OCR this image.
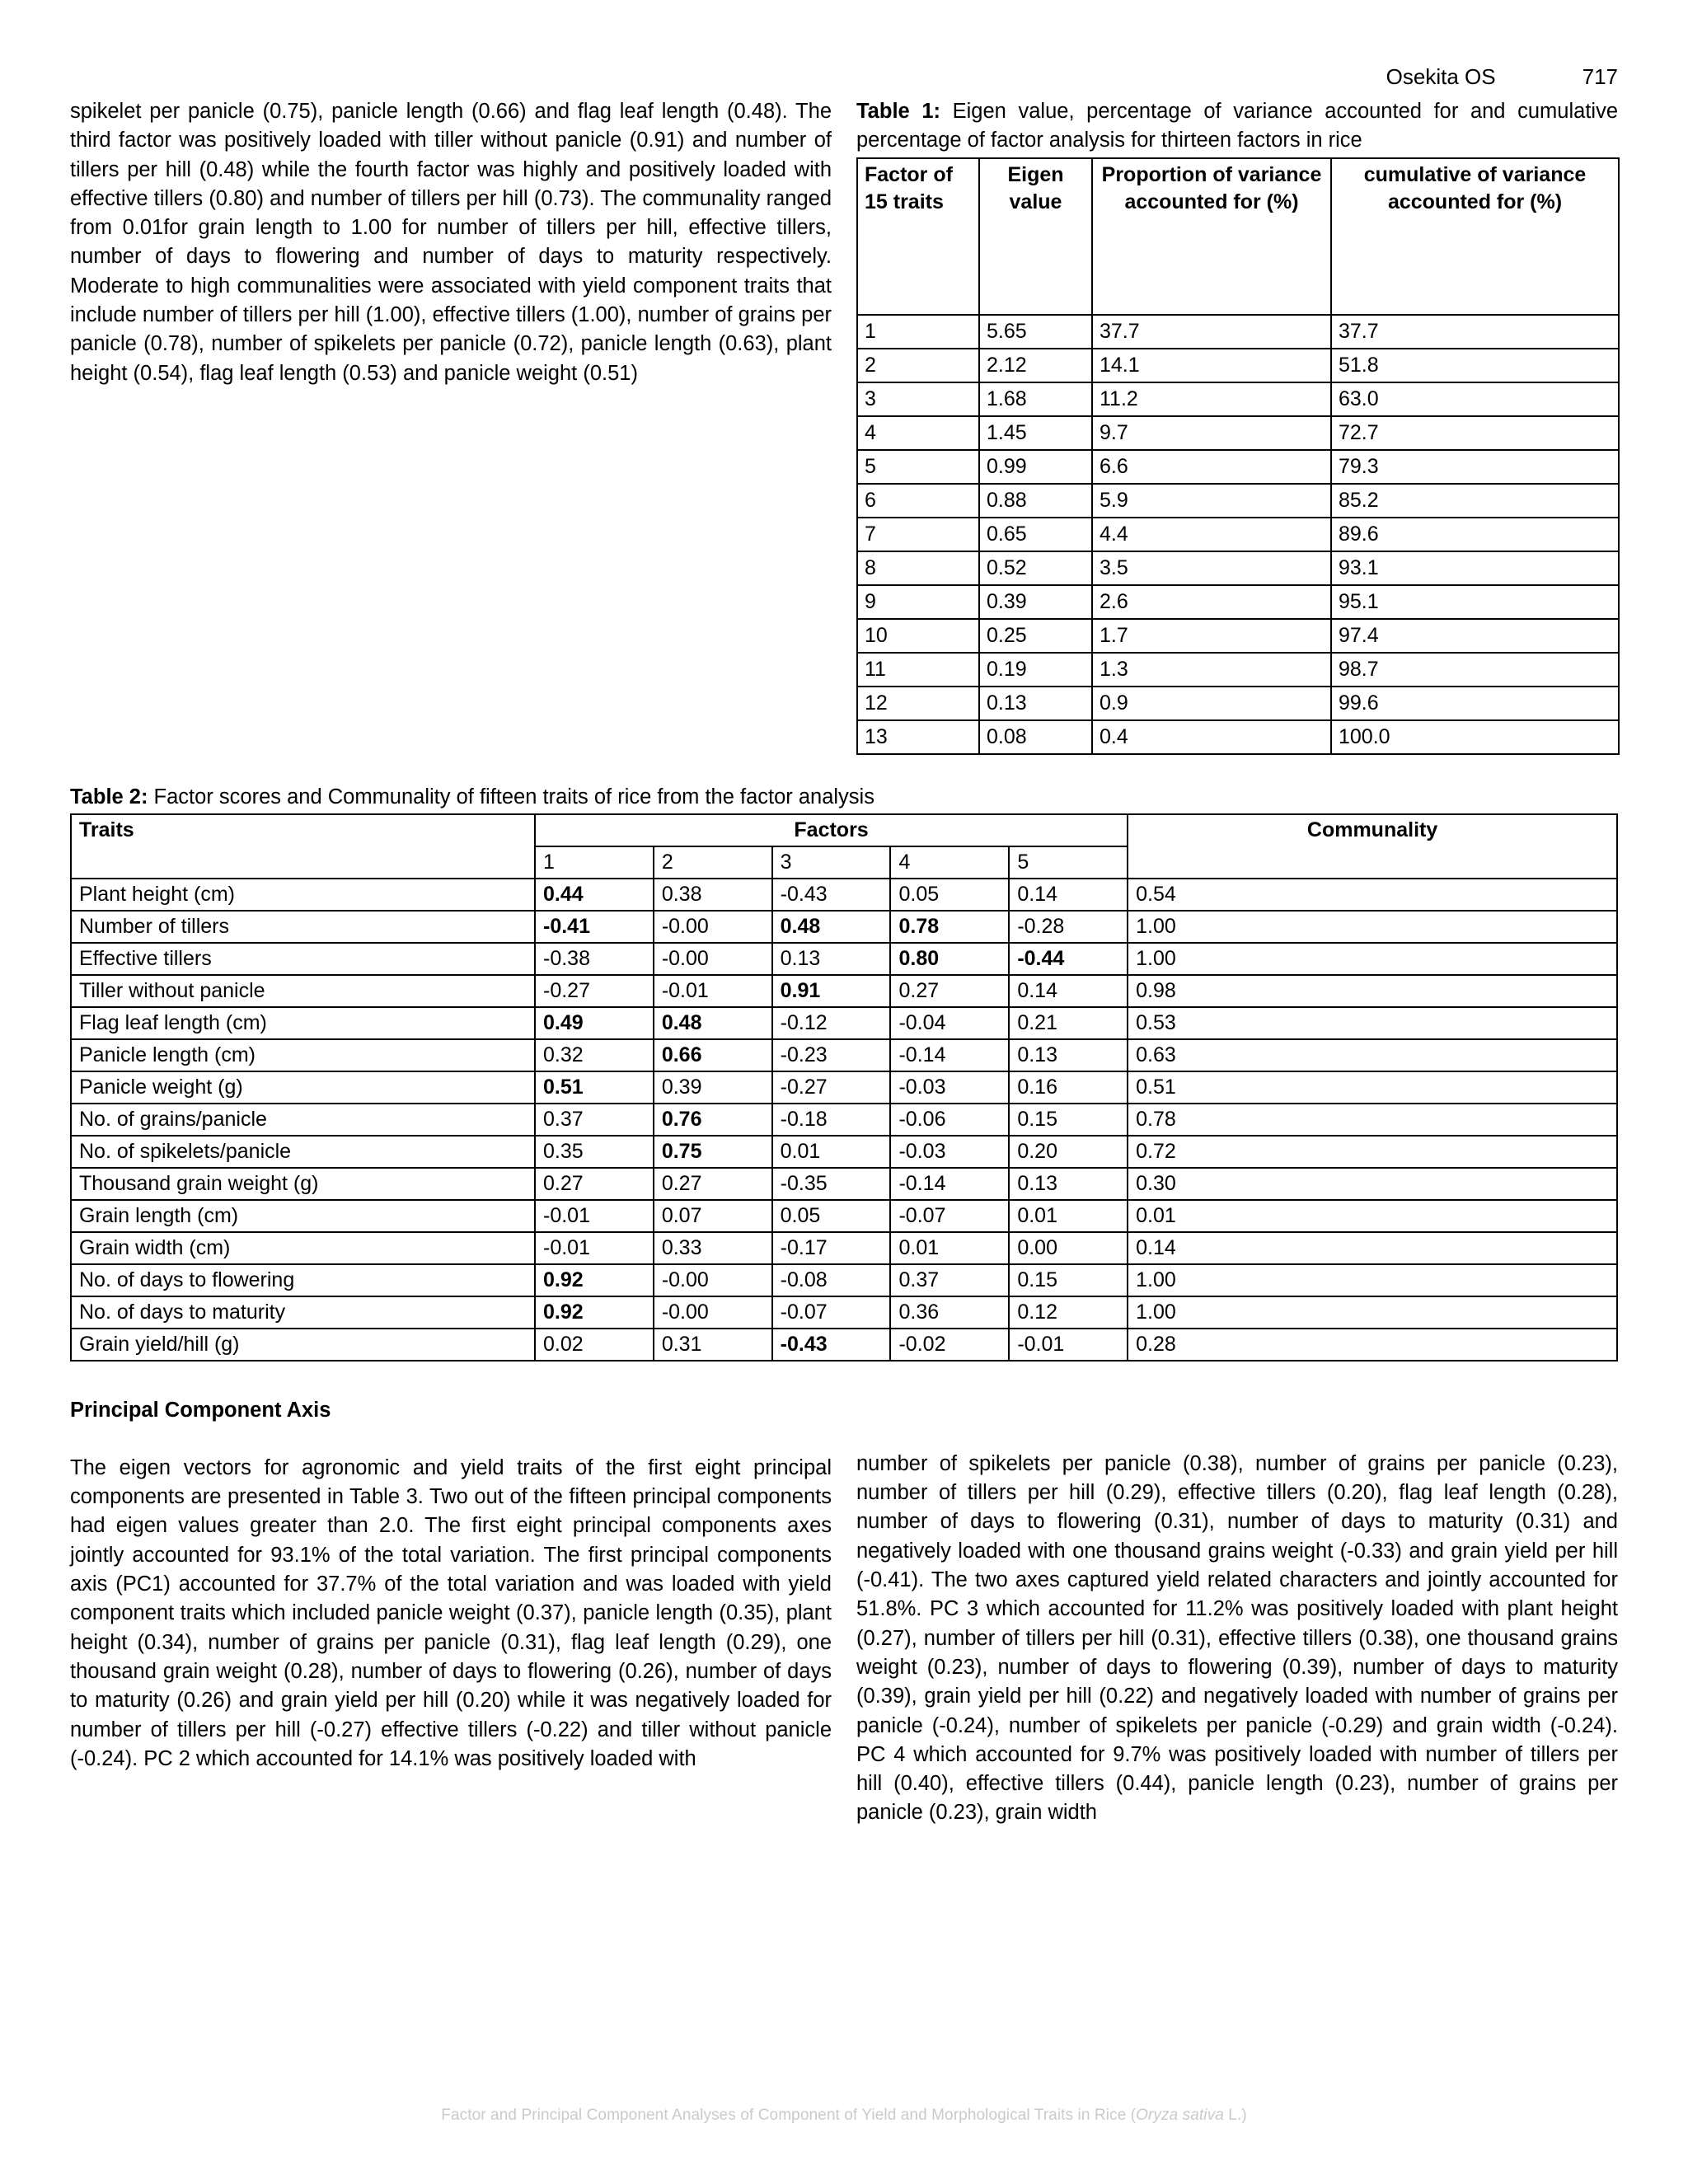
Osekita OS	717

spikelet per panicle (0.75), panicle length (0.66) and flag leaf length (0.48). The third factor was positively loaded with tiller without panicle (0.91) and number of tillers per hill (0.48) while the fourth factor was highly and positively loaded with effective tillers (0.80) and number of tillers per hill (0.73). The communality ranged from 0.01for grain length to 1.00 for number of tillers per hill, effective tillers, number of days to flowering and number of days to maturity respectively. Moderate to high communalities were associated with yield component traits that include number of tillers per hill (1.00), effective tillers (1.00), number of grains per panicle (0.78), number of spikelets per panicle (0.72), panicle length (0.63), plant height (0.54), flag leaf length (0.53) and panicle weight (0.51)

Table 1: Eigen value, percentage of variance accounted for and cumulative percentage of factor analysis for thirteen factors in rice
Factor of 15 traits	Eigen value	Proportion of variance accounted for (%)	cumulative of variance accounted for (%)
1	5.65	37.7	37.7
2	2.12	14.1	51.8
3	1.68	11.2	63.0
4	1.45	9.7	72.7
5	0.99	6.6	79.3
6	0.88	5.9	85.2
7	0.65	4.4	89.6
8	0.52	3.5	93.1
9	0.39	2.6	95.1
10	0.25	1.7	97.4
11	0.19	1.3	98.7
12	0.13	0.9	99.6
13	0.08	0.4	100.0
Table 2: Factor scores and Communality of fifteen traits of rice from the factor analysis
Traits	Factors					Communality
	1	2	3	4	5	
Plant height (cm)	0.44	0.38	-0.43	0.05	0.14	0.54
Number of tillers	-0.41	-0.00	0.48	0.78	-0.28	1.00
Effective tillers	-0.38	-0.00	0.13	0.80	-0.44	1.00
Tiller without panicle	-0.27	-0.01	0.91	0.27	0.14	0.98
Flag leaf length (cm)	0.49	0.48	-0.12	-0.04	0.21	0.53
Panicle length (cm)	0.32	0.66	-0.23	-0.14	0.13	0.63
Panicle weight (g)	0.51	0.39	-0.27	-0.03	0.16	0.51
No. of grains/panicle	0.37	0.76	-0.18	-0.06	0.15	0.78
No. of spikelets/panicle	0.35	0.75	0.01	-0.03	0.20	0.72
Thousand grain weight (g)	0.27	0.27	-0.35	-0.14	0.13	0.30
Grain length (cm)	-0.01	0.07	0.05	-0.07	0.01	0.01
Grain width (cm)	-0.01	0.33	-0.17	0.01	0.00	0.14
No. of days to flowering	0.92	-0.00	-0.08	0.37	0.15	1.00
No. of days to maturity	0.92	-0.00	-0.07	0.36	0.12	1.00
Grain yield/hill (g)	0.02	0.31	-0.43	-0.02	-0.01	0.28
Principal Component Axis

The eigen vectors for agronomic and yield traits of the first eight principal components are presented in Table 3. Two out of the fifteen principal components had eigen values greater than 2.0. The first eight principal components axes jointly accounted for 93.1% of the total variation. The first principal components axis (PC1) accounted for 37.7% of the total variation and was loaded with yield component traits which included panicle weight (0.37), panicle length (0.35), plant height (0.34), number of grains per panicle (0.31), flag leaf length (0.29), one thousand grain weight (0.28), number of days to flowering (0.26), number of days to maturity (0.26) and grain yield per hill (0.20) while it was negatively loaded for number of tillers per hill (-0.27) effective tillers (-0.22) and tiller without panicle (-0.24). PC 2 which accounted for 14.1% was positively loaded with

number of spikelets per panicle (0.38), number of grains per panicle (0.23), number of tillers per hill (0.29), effective tillers (0.20), flag leaf length (0.28), number of days to flowering (0.31), number of days to maturity (0.31) and negatively loaded with one thousand grains weight (-0.33) and grain yield per hill (-0.41). The two axes captured yield related characters and jointly accounted for 51.8%. PC 3 which accounted for 11.2% was positively loaded with plant height (0.27), number of tillers per hill (0.31), effective tillers (0.38), one thousand grains weight (0.23), number of days to flowering (0.39), number of days to maturity (0.39), grain yield per hill (0.22) and negatively loaded with number of grains per panicle (-0.24), number of spikelets per panicle (-0.29) and grain width (-0.24). PC 4 which accounted for 9.7% was positively loaded with number of tillers per hill (0.40), effective tillers (0.44), panicle length (0.23), number of grains per panicle (0.23), grain width

Factor and Principal Component Analyses of Component of Yield and Morphological Traits in Rice (Oryza sativa L.)
